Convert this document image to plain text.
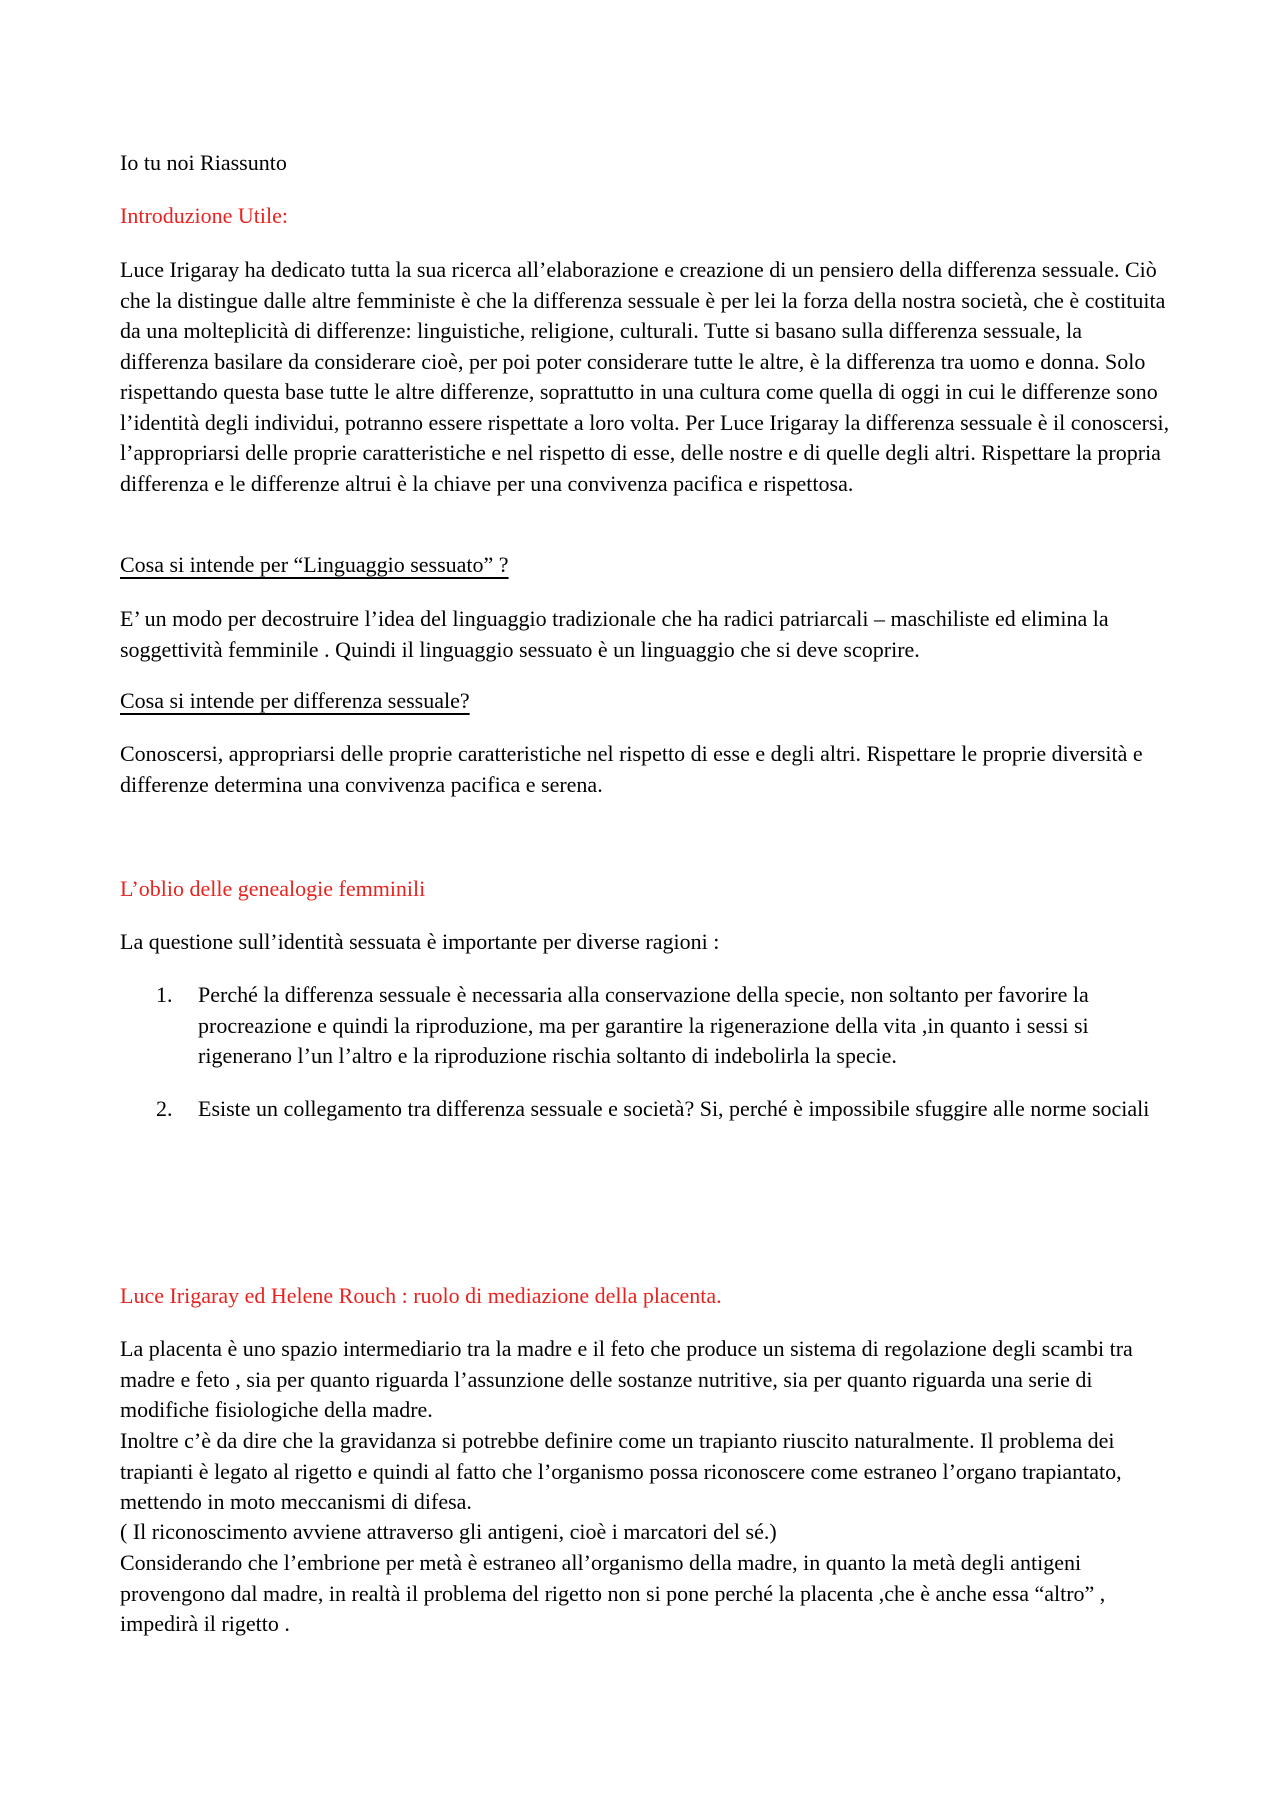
Io tu noi Riassunto
Introduzione Utile:
Luce Irigaray ha dedicato tutta la sua ricerca all’elaborazione e creazione di un pensiero della differenza sessuale. Ciò che la distingue dalle altre femministe è che la differenza sessuale è per lei la forza della nostra società, che è costituita da una molteplicità di differenze: linguistiche, religione, culturali. Tutte si basano sulla differenza sessuale, la differenza basilare da considerare cioè, per poi poter considerare tutte le altre, è la differenza tra uomo e donna. Solo rispettando questa base tutte le altre differenze, soprattutto in una cultura come quella di oggi in cui le differenze sono l’identità degli individui, potranno essere rispettate a loro volta. Per Luce Irigaray la differenza sessuale è il conoscersi, l’appropriarsi delle proprie caratteristiche e nel rispetto di esse, delle nostre e di quelle degli altri. Rispettare la propria differenza e le differenze altrui è la chiave per una convivenza pacifica e rispettosa.
Cosa si intende per “Linguaggio sessuato” ?
E’ un modo per decostruire l’idea del linguaggio tradizionale che ha radici patriarcali – maschiliste ed elimina la soggettività femminile . Quindi il linguaggio sessuato è un linguaggio che si deve scoprire.
Cosa si intende per differenza sessuale?
Conoscersi, appropriarsi delle proprie caratteristiche nel rispetto di esse e degli altri. Rispettare le proprie diversità e differenze determina una convivenza pacifica e serena.
L’oblio delle genealogie femminili
La questione sull’identità sessuata è importante per diverse ragioni :
1.	Perché la differenza sessuale è necessaria alla conservazione della specie, non soltanto per favorire la procreazione e quindi la riproduzione, ma per garantire la rigenerazione della vita ,in quanto i sessi si rigenerano l’un l’altro e la riproduzione rischia soltanto di indebolirla la specie.
2.	Esiste un collegamento tra differenza sessuale e società? Si, perché è impossibile sfuggire alle norme sociali
Luce Irigaray ed Helene Rouch : ruolo di mediazione della placenta.
La placenta è uno spazio intermediario tra la madre e il feto che produce un sistema di regolazione degli scambi tra madre e feto , sia per quanto riguarda l’assunzione delle sostanze nutritive, sia per quanto riguarda una serie di modifiche fisiologiche della madre.
Inoltre c’è da dire che la gravidanza si potrebbe definire come un trapianto riuscito naturalmente. Il problema dei trapianti è legato al rigetto e quindi al fatto che l’organismo possa riconoscere come estraneo l’organo trapiantato, mettendo in moto meccanismi di difesa.
( Il riconoscimento avviene attraverso gli antigeni, cioè i marcatori del sé.)
Considerando che l’embrione per metà è estraneo all’organismo della madre, in quanto la metà degli antigeni provengono dal madre, in realtà il problema del rigetto non si pone perché la placenta ,che è anche essa “altro” , impedirà il rigetto .
